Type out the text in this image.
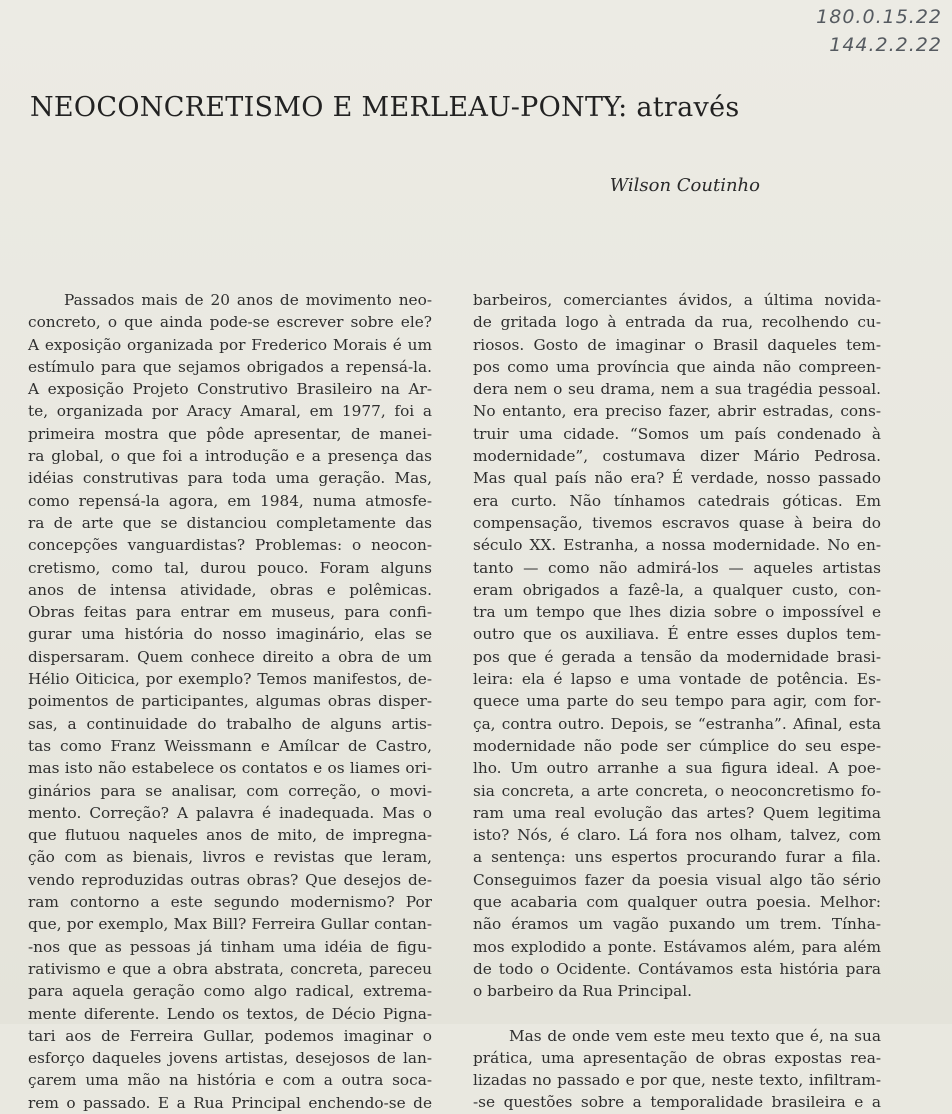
180.0.15.22
144.2.2.22
NEOCONCRETISMO E MERLEAU-PONTY: através
Wilson Coutinho
Passados mais de 20 anos de movimento neo-
concreto, o que ainda pode-se escrever sobre ele?
A exposição organizada por Frederico Morais é um
estímulo para que sejamos obrigados a repensá-la.
A exposição Projeto Construtivo Brasileiro na Ar-
te, organizada por Aracy Amaral, em 1977, foi a
primeira mostra que pôde apresentar, de manei-
ra global, o que foi a introdução e a presença das
idéias construtivas para toda uma geração. Mas,
como repensá-la agora, em 1984, numa atmosfe-
ra de arte que se distanciou completamente das
concepções vanguardistas? Problemas: o neocon-
cretismo, como tal, durou pouco. Foram alguns
anos de intensa atividade, obras e polêmicas.
Obras feitas para entrar em museus, para confi-
gurar uma história do nosso imaginário, elas se
dispersaram. Quem conhece direito a obra de um
Hélio Oiticica, por exemplo? Temos manifestos, de-
poimentos de participantes, algumas obras disper-
sas, a continuidade do trabalho de alguns artis-
tas como Franz Weissmann e Amílcar de Castro,
mas isto não estabelece os contatos e os liames ori-
ginários para se analisar, com correção, o movi-
mento. Correção? A palavra é inadequada. Mas o
que flutuou naqueles anos de mito, de impregna-
ção com as bienais, livros e revistas que leram,
vendo reproduzidas outras obras? Que desejos de-
ram contorno a este segundo modernismo? Por
que, por exemplo, Max Bill? Ferreira Gullar contan-
-nos que as pessoas já tinham uma idéia de figu-
rativismo e que a obra abstrata, concreta, pareceu
para aquela geração como algo radical, extrema-
mente diferente. Lendo os textos, de Décio Pigna-
tari aos de Ferreira Gullar, podemos imaginar o
esforço daqueles jovens artistas, desejosos de lan-
çarem uma mão na história e com a outra soca-
rem o passado. E a Rua Principal enchendo-se de
barbeiros, comerciantes ávidos, a última novida-
de gritada logo à entrada da rua, recolhendo cu-
riosos. Gosto de imaginar o Brasil daqueles tem-
pos como uma província que ainda não compreen-
dera nem o seu drama, nem a sua tragédia pessoal.
No entanto, era preciso fazer, abrir estradas, cons-
truir uma cidade. “Somos um país condenado à
modernidade”, costumava dizer Mário Pedrosa.
Mas qual país não era? É verdade, nosso passado
era curto. Não tínhamos catedrais góticas. Em
compensação, tivemos escravos quase à beira do
século XX. Estranha, a nossa modernidade. No en-
tanto — como não admirá-los — aqueles artistas
eram obrigados a fazê-la, a qualquer custo, con-
tra um tempo que lhes dizia sobre o impossível e
outro que os auxiliava. É entre esses duplos tem-
pos que é gerada a tensão da modernidade brasi-
leira: ela é lapso e uma vontade de potência. Es-
quece uma parte do seu tempo para agir, com for-
ça, contra outro. Depois, se “estranha”. Afinal, esta
modernidade não pode ser cúmplice do seu espe-
lho. Um outro arranhe a sua figura ideal. A poe-
sia concreta, a arte concreta, o neoconcretismo fo-
ram uma real evolução das artes? Quem legitima
isto? Nós, é claro. Lá fora nos olham, talvez, com
a sentença: uns espertos procurando furar a fila.
Conseguimos fazer da poesia visual algo tão sério
que acabaria com qualquer outra poesia. Melhor:
não éramos um vagão puxando um trem. Tínha-
mos explodido a ponte. Estávamos além, para além
de todo o Ocidente. Contávamos esta história para
o barbeiro da Rua Principal.
Mas de onde vem este meu texto que é, na sua
prática, uma apresentação de obras expostas rea-
lizadas no passado e por que, neste texto, infiltram-
-se questões sobre a temporalidade brasileira e a
